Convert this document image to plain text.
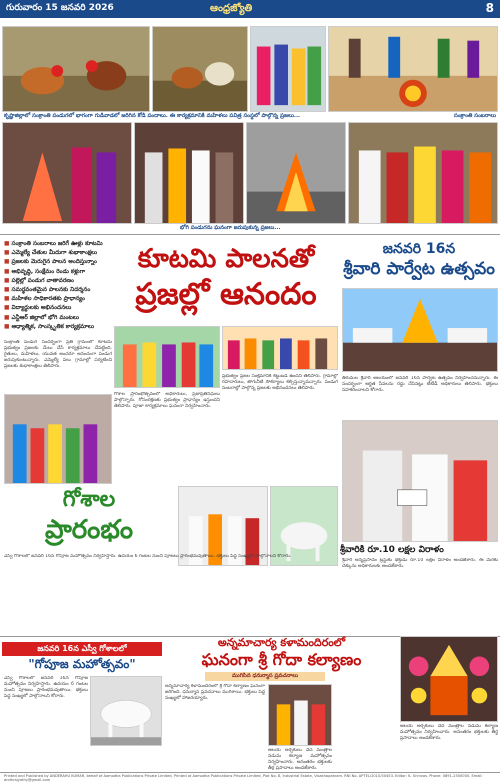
గురువారం 15 జనవరి 2026	ఆంధ్రజ్యోతి	8
కృష్ణాజిల్లాలో సంక్రాంతి పండుగలో భాగంగా గుడివాడలో జరిగిన కోడి పందాలు. ఈ కార్యక్రమానికి మహిళలు పవిత్ర సంస్థలో పాల్గొన్న ప్రజలు...	సంక్రాంతి సంబరాలు
భోగి పండుగను ఘనంగా జరుపుకున్న ప్రజలు...
■ సంక్రాంతి సంబరాలు జరిగే ఊళ్లు కూటమి
■ ఎమ్మెల్యే చేతుల మీదుగా శుభాకాంక్షలు
■ ప్రజలకు మెరుగైన పాలన అందిస్తున్నాం
■ అభివృద్ధి, సంక్షేమం రెండు కళ్లుగా
■ పల్లెల్లో పండుగ వాతావరణం
■ సమర్థవంతమైన పాలనకు నిదర్శనం
■ మహిళల సాధికారతకు ప్రాధాన్యం
■ విద్యార్థులకు అభినందనలు
■ ఎన్టీఆర్ జిల్లాలో భోగి మంటలు
■ ఆధ్యాత్మిక, సాంస్కృతిక కార్యక్రమాలు
కూటమి పాలనతో
ప్రజల్లో ఆనందం
జనవరి 16న
శ్రీవారి పార్వేట ఉత్సవం
తిరుమల శ్రీవారి ఆలయంలో జనవరి 16న పార్వేట ఉత్సవం నిర్వహించనున్నారు. ఈ సందర్భంగా ఆర్జిత సేవలను రద్దు చేసినట్లు టీటీడీ అధికారులు తెలిపారు. భక్తులు సహకరించాలని కోరారు.
శ్రీవారికి రూ.10 లక్షల విరాళం
శ్రీవారి అన్నప్రసాదం ట్రస్టుకు భక్తుడు రూ.10 లక్షల విరాళం అందజేశారు. ఈ మేరకు చెక్కును అధికారులకు అందజేశారు.
సంక్రాంతి పండుగ సందర్భంగా ప్రతి గ్రామంలో కూటమి ప్రభుత్వం ప్రజలకు మేలు చేసే కార్యక్రమాలు చేపట్టింది. రైతులు, మహిళలు, యువత అందరూ ఆనందంగా పండుగ జరుపుకుంటున్నారు. ఎమ్మెల్యే పలు గ్రామాల్లో పర్యటించి ప్రజలకు శుభాకాంక్షలు తెలిపారు.
ప్రభుత్వం ప్రజల సంక్షేమానికి కట్టుబడి ఉందని తెలిపారు. గ్రామాల్లో రహదారులు, తాగునీటి సౌకర్యాలు కల్పిస్తున్నామన్నారు. పండుగ సంబరాల్లో పాల్గొన్న ప్రజలకు అభినందనలు తెలిపారు.
గోశాల ప్రారంభోత్సవంలో అధికారులు, ప్రజాప్రతినిధులు పాల్గొన్నారు. గోసంరక్షణకు ప్రభుత్వం ప్రాధాన్యం ఇస్తుందని తెలిపారు. పూజా కార్యక్రమాలు ఘనంగా నిర్వహించారు.
గోశాల
ప్రారంభం
ఎస్వీ గోశాలలో జనవరి 16న గోపూజ మహోత్సవం నిర్వహిస్తారు. ఉదయం 6 గంటల నుంచి పూజలు ప్రారంభమవుతాయి. భక్తులు పెద్ద సంఖ్యలో పాల్గొనాలని కోరారు.
జనవరి 16న ఎస్వీ గోశాలలో
"గోపూజ మహోత్సవం"
ఎస్వీ గోశాలలో జనవరి 16న గోపూజ మహోత్సవం నిర్వహిస్తారు. ఉదయం 6 గంటల నుంచి పూజలు ప్రారంభమవుతాయి. భక్తులు పెద్ద సంఖ్యలో పాల్గొనాలని కోరారు.
అన్నమాచార్య కళామందిరంలో
ఘనంగా శ్రీ గోదా కల్యాణం
ముగిసిన ధనుర్మాస ప్రవచనాలు
అన్నమాచార్య కళామందిరంలో శ్రీ గోదా కల్యాణం ఘనంగా జరిగింది. ధనుర్మాస ప్రవచనాలు ముగిశాయి. భక్తులు పెద్ద సంఖ్యలో హాజరయ్యారు.
ఆలయ అర్చకులు వేద మంత్రాల నడుమ కల్యాణ మహోత్సవం నిర్వహించారు. అనంతరం భక్తులకు తీర్థ ప్రసాదాలు అందజేశారు.
ఆలయ అర్చకులు వేద మంత్రాల నడుమ కల్యాణ మహోత్సవం నిర్వహించారు. అనంతరం భక్తులకు తీర్థ ప్రసాదాలు అందజేశారు.
Printed and Published by ANDERAHU KUMAR, behalf of Aamodha Publications Private Limited, Printed at Aamodha Publications Private Limited, Plot No. 8, Industrial Estate, Visakhapatnam. RNI No. APTEL/2010/30453. Editor: K. Srinivas. Phone: 0891-2500000. Email: andhrajyothy@gmail.com
